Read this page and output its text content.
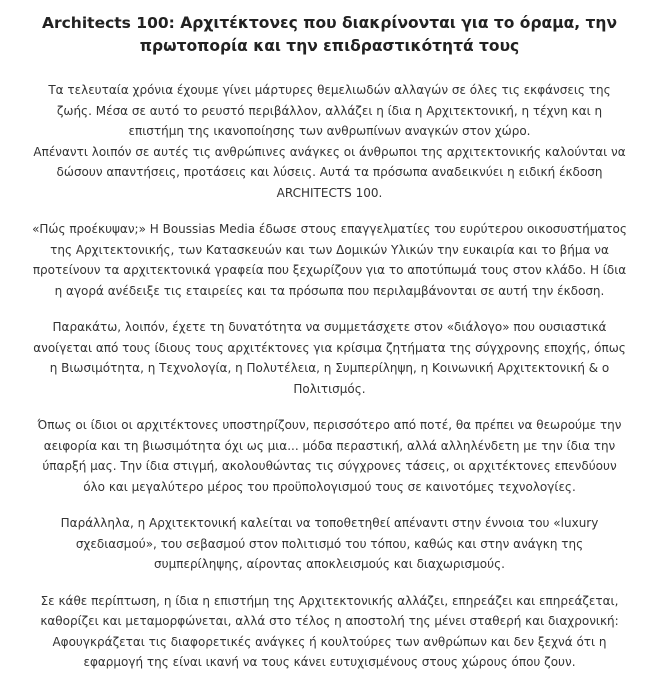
Architects 100: Αρχιτέκτονες που διακρίνονται για το όραμα, την πρωτοπορία και την επιδραστικότητά τους

Τα τελευταία χρόνια έχουμε γίνει μάρτυρες θεμελιωδών αλλαγών σε όλες τις εκφάνσεις της ζωής. Μέσα σε αυτό το ρευστό περιβάλλον, αλλάζει η ίδια η Αρχιτεκτονική, η τέχνη και η επιστήμη της ικανοποίησης των ανθρωπίνων αναγκών στον χώρο.
Απέναντι λοιπόν σε αυτές τις ανθρώπινες ανάγκες οι άνθρωποι της αρχιτεκτονικής καλούνται να δώσουν απαντήσεις, προτάσεις και λύσεις. Αυτά τα πρόσωπα αναδεικνύει η ειδική έκδοση ARCHITECTS 100.

«Πώς προέκυψαν;» Η Boussias Media έδωσε στους επαγγελματίες του ευρύτερου οικοσυστήματος της Αρχιτεκτονικής, των Κατασκευών και των Δομικών Υλικών την ευκαιρία και το βήμα να προτείνουν τα αρχιτεκτονικά γραφεία που ξεχωρίζουν για το αποτύπωμά τους στον κλάδο. Η ίδια η αγορά ανέδειξε τις εταιρείες και τα πρόσωπα που περιλαμβάνονται σε αυτή την έκδοση.

Παρακάτω, λοιπόν, έχετε τη δυνατότητα να συμμετάσχετε στον «διάλογο» που ουσιαστικά ανοίγεται από τους ίδιους τους αρχιτέκτονες για κρίσιμα ζητήματα της σύγχρονης εποχής, όπως η Βιωσιμότητα, η Τεχνολογία, η Πολυτέλεια, η Συμπερίληψη, η Κοινωνική Αρχιτεκτονική & ο Πολιτισμός.

Όπως οι ίδιοι οι αρχιτέκτονες υποστηρίζουν, περισσότερο από ποτέ, θα πρέπει να θεωρούμε την αειφορία και τη βιωσιμότητα όχι ως μια... μόδα περαστική, αλλά αλληλένδετη με την ίδια την ύπαρξή μας. Την ίδια στιγμή, ακολουθώντας τις σύγχρονες τάσεις, οι αρχιτέκτονες επενδύουν όλο και μεγαλύτερο μέρος του προϋπολογισμού τους σε καινοτόμες τεχνολογίες.

Παράλληλα, η Αρχιτεκτονική καλείται να τοποθετηθεί απέναντι στην έννοια του «luxury σχεδιασμού», του σεβασμού στον πολιτισμό του τόπου, καθώς και στην ανάγκη της συμπερίληψης, αίροντας αποκλεισμούς και διαχωρισμούς.

Σε κάθε περίπτωση, η ίδια η επιστήμη της Αρχιτεκτονικής αλλάζει, επηρεάζει και επηρεάζεται, καθορίζει και μεταμορφώνεται, αλλά στο τέλος η αποστολή της μένει σταθερή και διαχρονική: Αφουγκράζεται τις διαφορετικές ανάγκες ή κουλτούρες των ανθρώπων και δεν ξεχνά ότι η εφαρμογή της είναι ικανή να τους κάνει ευτυχισμένους στους χώρους όπου ζουν.
